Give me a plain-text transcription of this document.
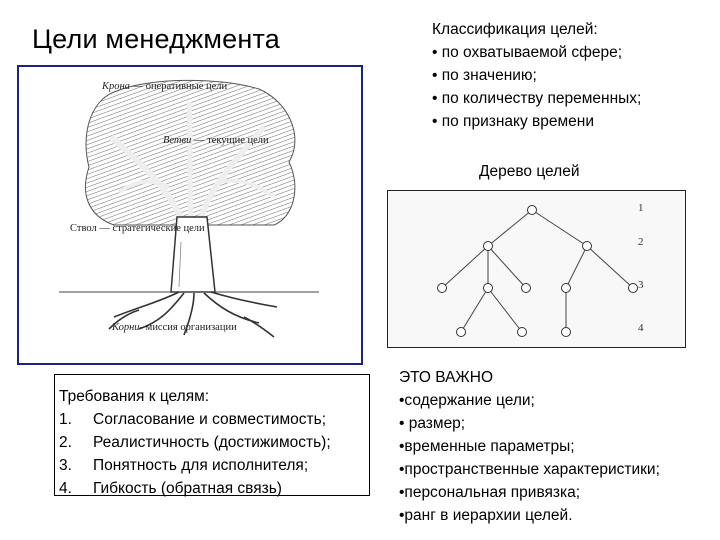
Цели менеджмента	Классификация целей:
• по охватываемой сфере;
• по значению;
• по количеству переменных;
• по признаку времени
Крона — оперативные цели
Ветви — текущие цели
Ствол — стратегические цели
Корни- миссия организации
Дерево целей
1
2
3
4
Требования к целям:
1. Согласование и совместимость;
2. Реалистичность (достижимость);
3. Понятность для исполнителя;
4. Гибкость (обратная связь)
ЭТО ВАЖНО
•содержание цели;
• размер;
•временные параметры;
•пространственные характеристики;
•персональная привязка;
•ранг в иерархии целей.
